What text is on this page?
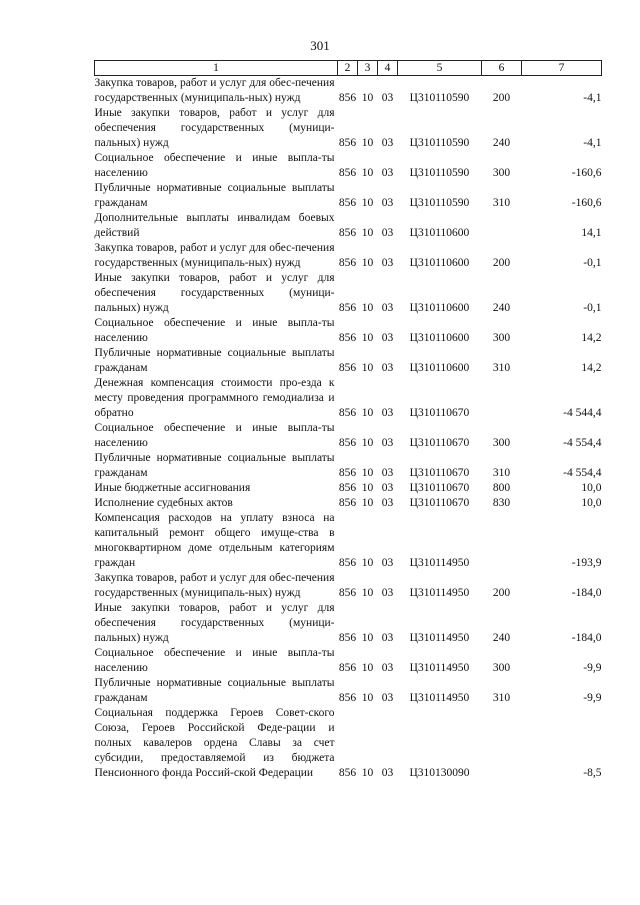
301
1	2	3	4	5	6	7
Закупка товаров, работ и услуг для обес-печения государственных (муниципаль-ных) нужд	856	10	03	Ц310110590	200	-4,1
Иные закупки товаров, работ и услуг для обеспечения государственных (муници-пальных) нужд	856	10	03	Ц310110590	240	-4,1
Социальное обеспечение и иные выпла-ты населению	856	10	03	Ц310110590	300	-160,6
Публичные нормативные социальные выплаты гражданам	856	10	03	Ц310110590	310	-160,6
Дополнительные выплаты инвалидам боевых действий	856	10	03	Ц310110600		14,1
Закупка товаров, работ и услуг для обес-печения государственных (муниципаль-ных) нужд	856	10	03	Ц310110600	200	-0,1
Иные закупки товаров, работ и услуг для обеспечения государственных (муници-пальных) нужд	856	10	03	Ц310110600	240	-0,1
Социальное обеспечение и иные выпла-ты населению	856	10	03	Ц310110600	300	14,2
Публичные нормативные социальные выплаты гражданам	856	10	03	Ц310110600	310	14,2
Денежная компенсация стоимости про-езда к месту проведения программного гемодиализа и обратно	856	10	03	Ц310110670		-4 544,4
Социальное обеспечение и иные выпла-ты населению	856	10	03	Ц310110670	300	-4 554,4
Публичные нормативные социальные выплаты гражданам	856	10	03	Ц310110670	310	-4 554,4
Иные бюджетные ассигнования	856	10	03	Ц310110670	800	10,0
Исполнение судебных актов	856	10	03	Ц310110670	830	10,0
Компенсация расходов на уплату взноса на капитальный ремонт общего имуще-ства в многоквартирном доме отдельным категориям граждан	856	10	03	Ц310114950		-193,9
Закупка товаров, работ и услуг для обес-печения государственных (муниципаль-ных) нужд	856	10	03	Ц310114950	200	-184,0
Иные закупки товаров, работ и услуг для обеспечения государственных (муници-пальных) нужд	856	10	03	Ц310114950	240	-184,0
Социальное обеспечение и иные выпла-ты населению	856	10	03	Ц310114950	300	-9,9
Публичные нормативные социальные выплаты гражданам	856	10	03	Ц310114950	310	-9,9
Социальная поддержка Героев Совет-ского Союза, Героев Российской Феде-рации и полных кавалеров ордена Славы за счет субсидии, предоставляемой из бюджета Пенсионного фонда Россий-ской Федерации	856	10	03	Ц310130090		-8,5
